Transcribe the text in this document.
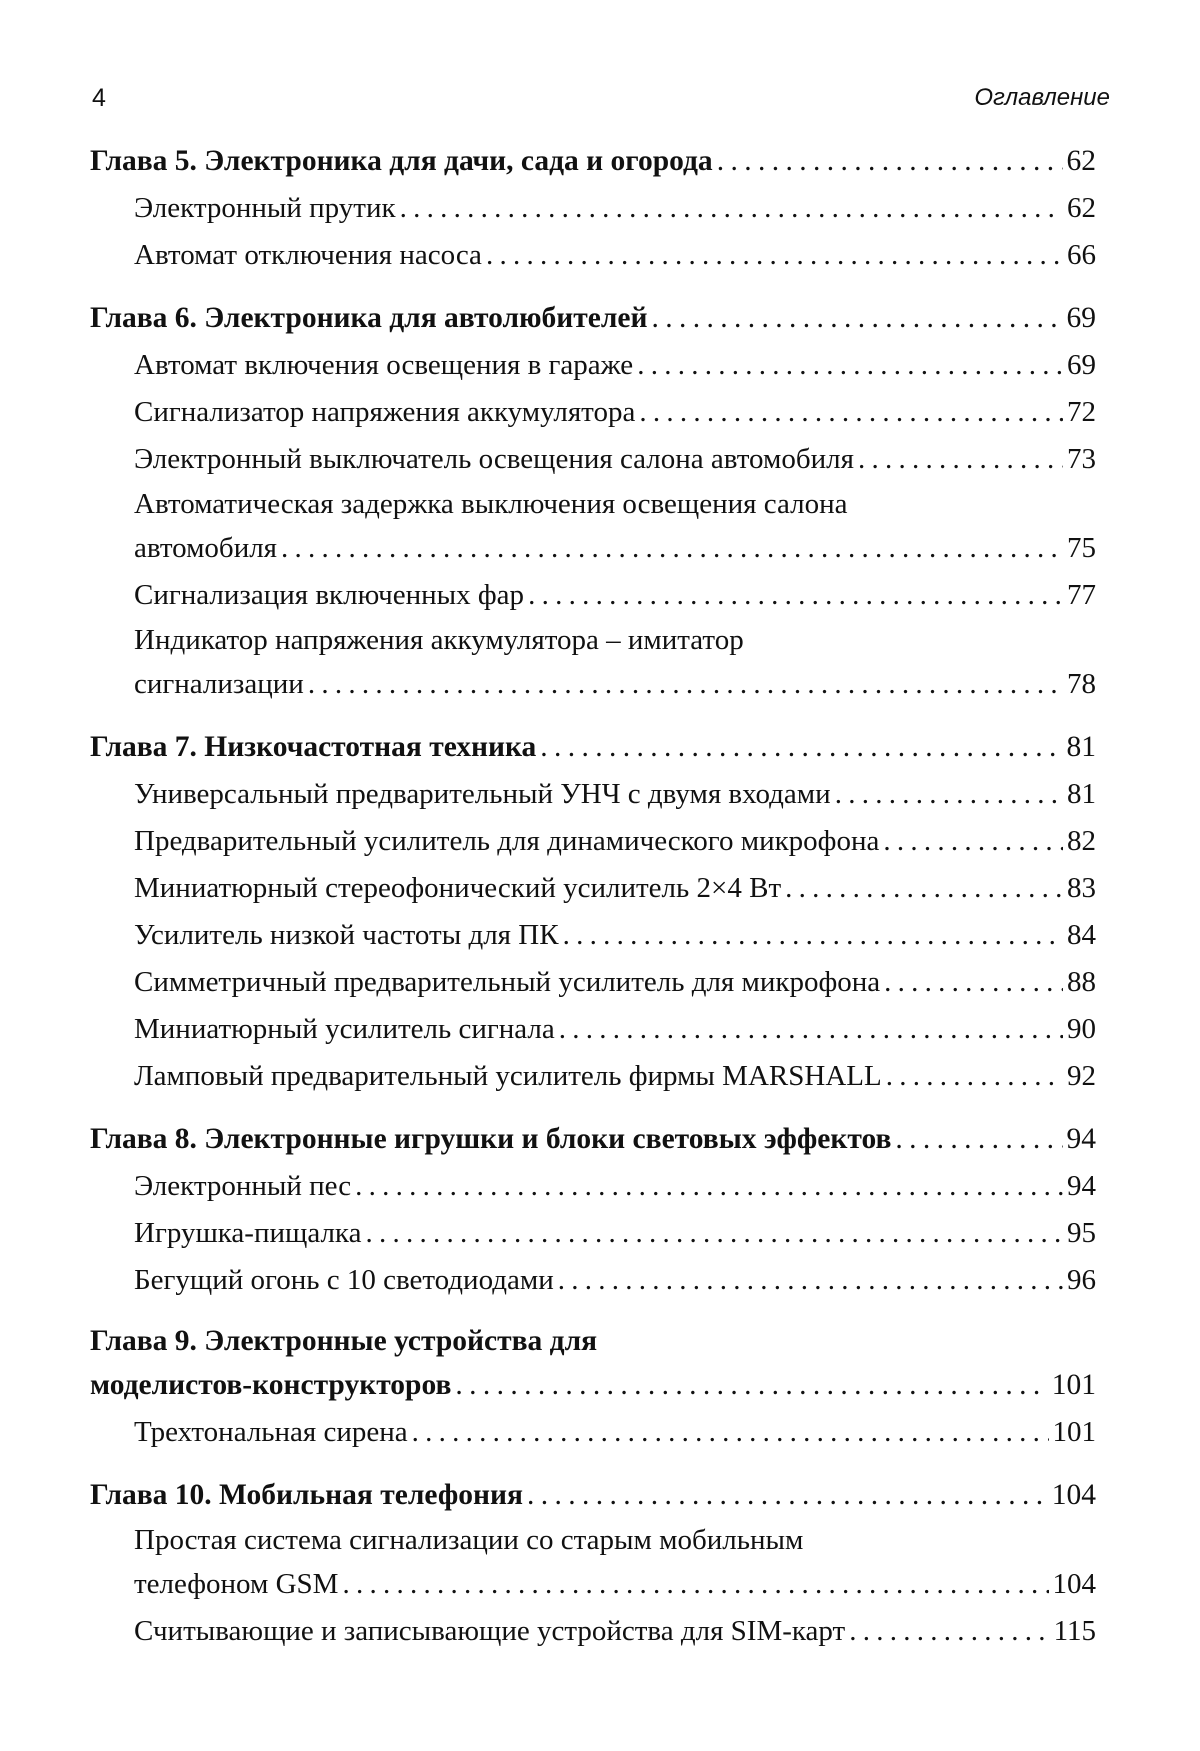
4	Оглавление
Глава 5. Электроника для дачи, сада и огорода . . .	62
Электронный прутик . . .	62
Автомат отключения насоса . . .	66
Глава 6. Электроника для автолюбителей . . .	69
Автомат включения освещения в гараже . . .	69
Сигнализатор напряжения аккумулятора . . .	72
Электронный выключатель освещения салона автомобиля . . .	73
Автоматическая задержка выключения освещения салона
автомобиля . . .	75
Сигнализация включенных фар . . .	77
Индикатор напряжения аккумулятора – имитатор
сигнализации . . .	78
Глава 7. Низкочастотная техника . . .	81
Универсальный предварительный УНЧ с двумя входами . . .	81
Предварительный усилитель для динамического микрофона . . .	82
Миниатюрный стереофонический усилитель 2×4 Вт . . .	83
Усилитель низкой частоты для ПК . . .	84
Симметричный предварительный усилитель для микрофона . . .	88
Миниатюрный усилитель сигнала . . .	90
Ламповый предварительный усилитель фирмы MARSHALL . . .	92
Глава 8. Электронные игрушки и блоки световых эффектов . . .	94
Электронный пес . . .	94
Игрушка-пищалка . . .	95
Бегущий огонь с 10 светодиодами . . .	96
Глава 9. Электронные устройства для
моделистов-конструкторов . . .	101
Трехтональная сирена . . .	101
Глава 10. Мобильная телефония . . .	104
Простая система сигнализации со старым мобильным
телефоном GSM . . .	104
Считывающие и записывающие устройства для SIM-карт . . .	115
